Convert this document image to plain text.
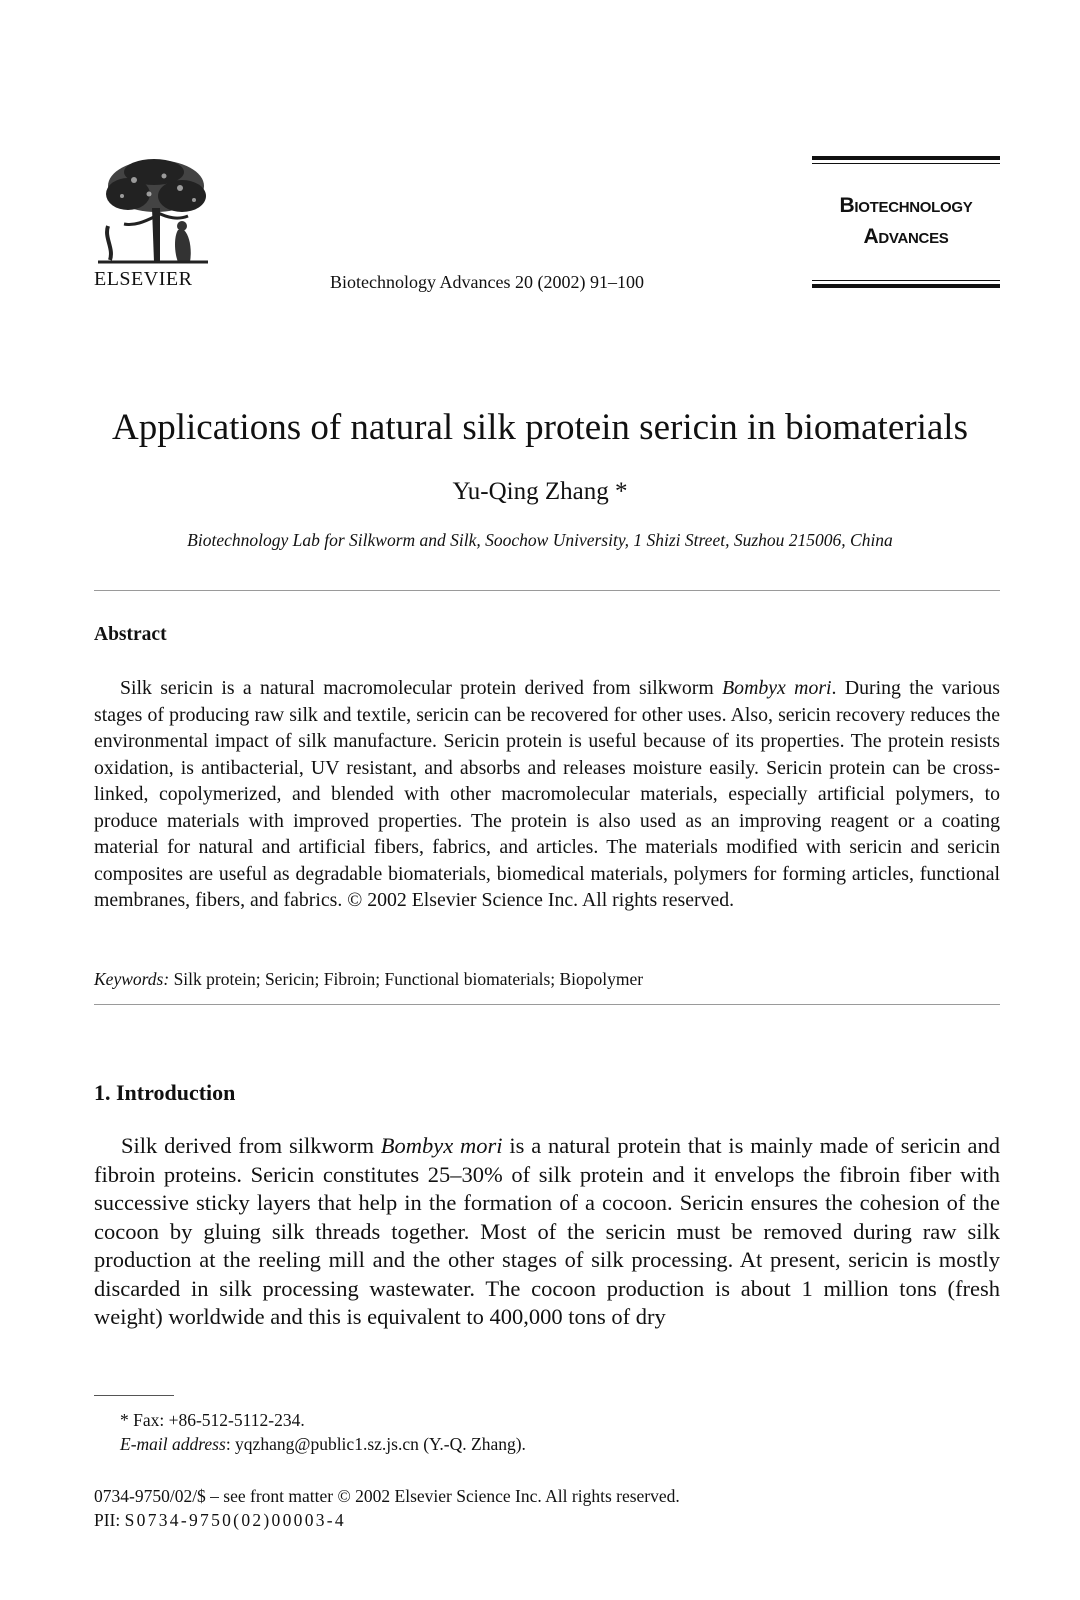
ELSEVIER	Biotechnology Advances 20 (2002) 91–100
Biotechnology
Advances
Applications of natural silk protein sericin in biomaterials
Yu-Qing Zhang *
Biotechnology Lab for Silkworm and Silk, Soochow University, 1 Shizi Street, Suzhou 215006, China
Abstract
Silk sericin is a natural macromolecular protein derived from silkworm Bombyx mori. During the various stages of producing raw silk and textile, sericin can be recovered for other uses. Also, sericin recovery reduces the environmental impact of silk manufacture. Sericin protein is useful because of its properties. The protein resists oxidation, is antibacterial, UV resistant, and absorbs and releases moisture easily. Sericin protein can be cross-linked, copolymerized, and blended with other macromolecular materials, especially artificial polymers, to produce materials with improved properties. The protein is also used as an improving reagent or a coating material for natural and artificial fibers, fabrics, and articles. The materials modified with sericin and sericin composites are useful as degradable biomaterials, biomedical materials, polymers for forming articles, functional membranes, fibers, and fabrics. © 2002 Elsevier Science Inc. All rights reserved.
Keywords: Silk protein; Sericin; Fibroin; Functional biomaterials; Biopolymer
1. Introduction
Silk derived from silkworm Bombyx mori is a natural protein that is mainly made of sericin and fibroin proteins. Sericin constitutes 25–30% of silk protein and it envelops the fibroin fiber with successive sticky layers that help in the formation of a cocoon. Sericin ensures the cohesion of the cocoon by gluing silk threads together. Most of the sericin must be removed during raw silk production at the reeling mill and the other stages of silk processing. At present, sericin is mostly discarded in silk processing wastewater. The cocoon production is about 1 million tons (fresh weight) worldwide and this is equivalent to 400,000 tons of dry
* Fax: +86-512-5112-234.
E-mail address: yqzhang@public1.sz.js.cn (Y.-Q. Zhang).
0734-9750/02/$ – see front matter © 2002 Elsevier Science Inc. All rights reserved.
PII: S0734-9750(02)00003-4
